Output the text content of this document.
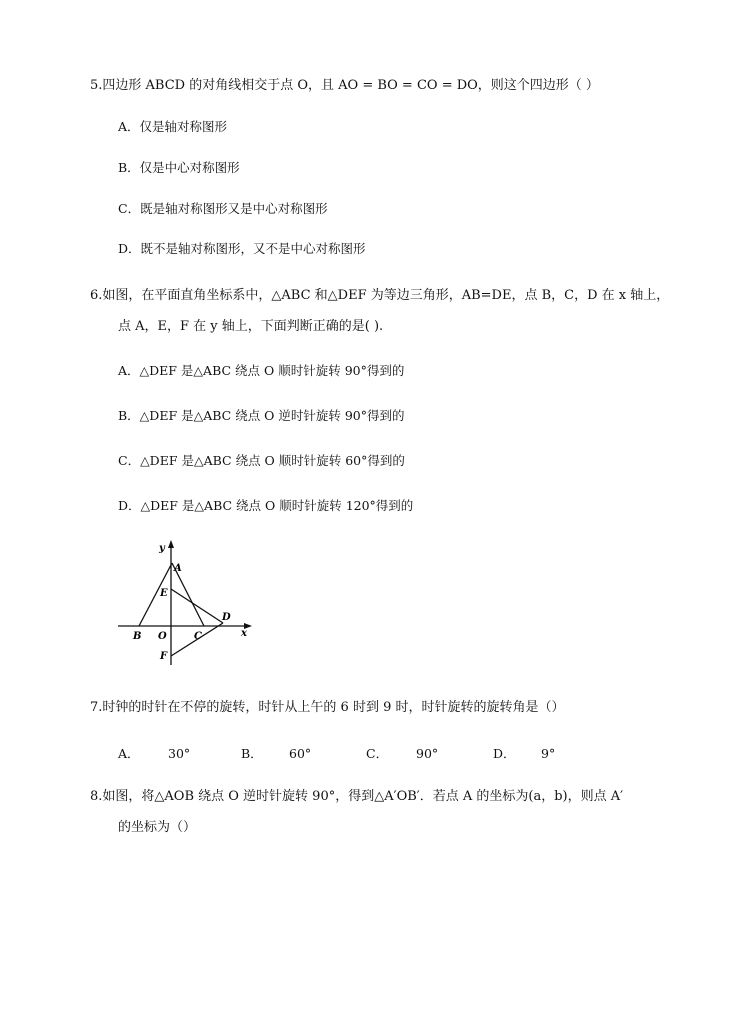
5.四边形 ABCD 的对角线相交于点 O，且 AO = BO = CO = DO，则这个四边形（ ）
A．仅是轴对称图形
B．仅是中心对称图形
C．既是轴对称图形又是中心对称图形
D．既不是轴对称图形，又不是中心对称图形
6.如图，在平面直角坐标系中，△ABC 和△DEF 为等边三角形，AB=DE，点 B，C，D 在 x 轴上，
点 A，E，F 在 y 轴上，下面判断正确的是( ).
A．△DEF 是△ABC 绕点 O 顺时针旋转 90°得到的
B．△DEF 是△ABC 绕点 O 逆时针旋转 90°得到的
C．△DEF 是△ABC 绕点 O 顺时针旋转 60°得到的
D．△DEF 是△ABC 绕点 O 顺时针旋转 120°得到的
y
x
A
E
D
B O	C
F
7.时钟的时针在不停的旋转，时针从上午的 6 时到 9 时，时针旋转的旋转角是（）
A． 30°	B． 60°	C． 90°	D． 9°
8.如图，将△AOB 绕点 O 逆时针旋转 90°，得到△A′OB′．若点 A 的坐标为(a，b)，则点 A′
的坐标为（）
